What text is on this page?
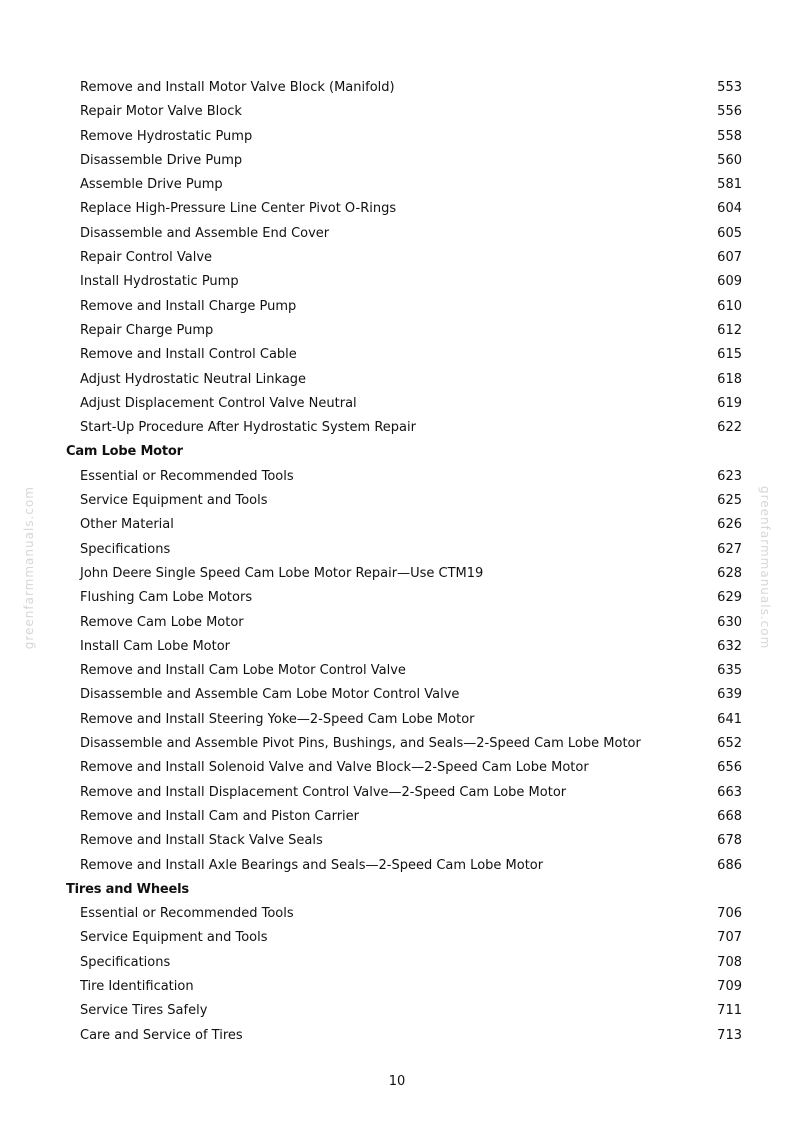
greenfarmmanuals.com	greenfarmmanuals.com
Remove and Install Motor Valve Block (Manifold)	553
Repair Motor Valve Block	556
Remove Hydrostatic Pump	558
Disassemble Drive Pump	560
Assemble Drive Pump	581
Replace High-Pressure Line Center Pivot O-Rings	604
Disassemble and Assemble End Cover	605
Repair Control Valve	607
Install Hydrostatic Pump	609
Remove and Install Charge Pump	610
Repair Charge Pump	612
Remove and Install Control Cable	615
Adjust Hydrostatic Neutral Linkage	618
Adjust Displacement Control Valve Neutral	619
Start-Up Procedure After Hydrostatic System Repair	622
Cam Lobe Motor
Essential or Recommended Tools	623
Service Equipment and Tools	625
Other Material	626
Specifications	627
John Deere Single Speed Cam Lobe Motor Repair—Use CTM19	628
Flushing Cam Lobe Motors	629
Remove Cam Lobe Motor	630
Install Cam Lobe Motor	632
Remove and Install Cam Lobe Motor Control Valve	635
Disassemble and Assemble Cam Lobe Motor Control Valve	639
Remove and Install Steering Yoke—2-Speed Cam Lobe Motor	641
Disassemble and Assemble Pivot Pins, Bushings, and Seals—2-Speed Cam Lobe Motor	652
Remove and Install Solenoid Valve and Valve Block—2-Speed Cam Lobe Motor	656
Remove and Install Displacement Control Valve—2-Speed Cam Lobe Motor	663
Remove and Install Cam and Piston Carrier	668
Remove and Install Stack Valve Seals	678
Remove and Install Axle Bearings and Seals—2-Speed Cam Lobe Motor	686
Tires and Wheels
Essential or Recommended Tools	706
Service Equipment and Tools	707
Specifications	708
Tire Identification	709
Service Tires Safely	711
Care and Service of Tires	713
10
